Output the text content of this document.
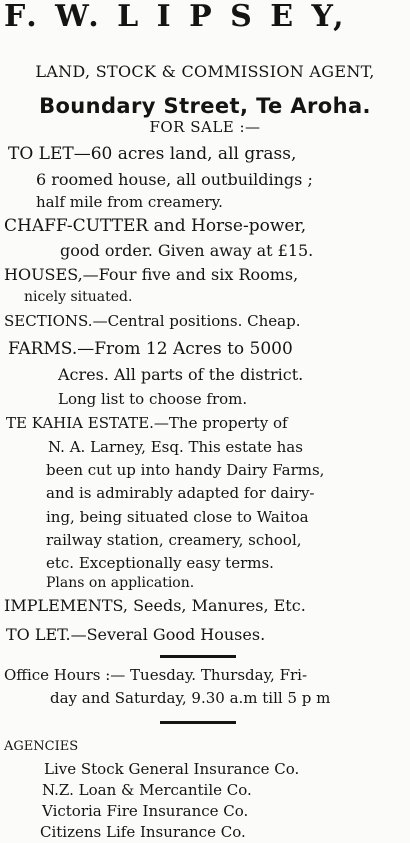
F. W. L I P S E Y,
LAND, STOCK & COMMISSION AGENT,
Boundary Street, Te Aroha.
FOR SALE :—
TO LET—60 acres land, all grass,
6 roomed house, all outbuildings ;
half mile from creamery.
CHAFF-CUTTER and Horse-power,
good order. Given away at £15.
HOUSES,—Four five and six Rooms,
nicely situated.
SECTIONS.—Central positions. Cheap.
FARMS.—From 12 Acres to 5000
Acres. All parts of the district.
Long list to choose from.
TE KAHIA ESTATE.—The property of
N. A. Larney, Esq. This estate has
been cut up into handy Dairy Farms,
and is admirably adapted for dairy-
ing, being situated close to Waitoa
railway station, creamery, school,
etc. Exceptionally easy terms.
Plans on application.
IMPLEMENTS, Seeds, Manures, Etc.
TO LET.—Several Good Houses.
Office Hours :— Tuesday. Thursday, Fri-
day and Saturday, 9.30 a.m till 5 p m
AGENCIES
Live Stock General Insurance Co.
N.Z. Loan & Mercantile Co.
Victoria Fire Insurance Co.
Citizens Life Insurance Co.
